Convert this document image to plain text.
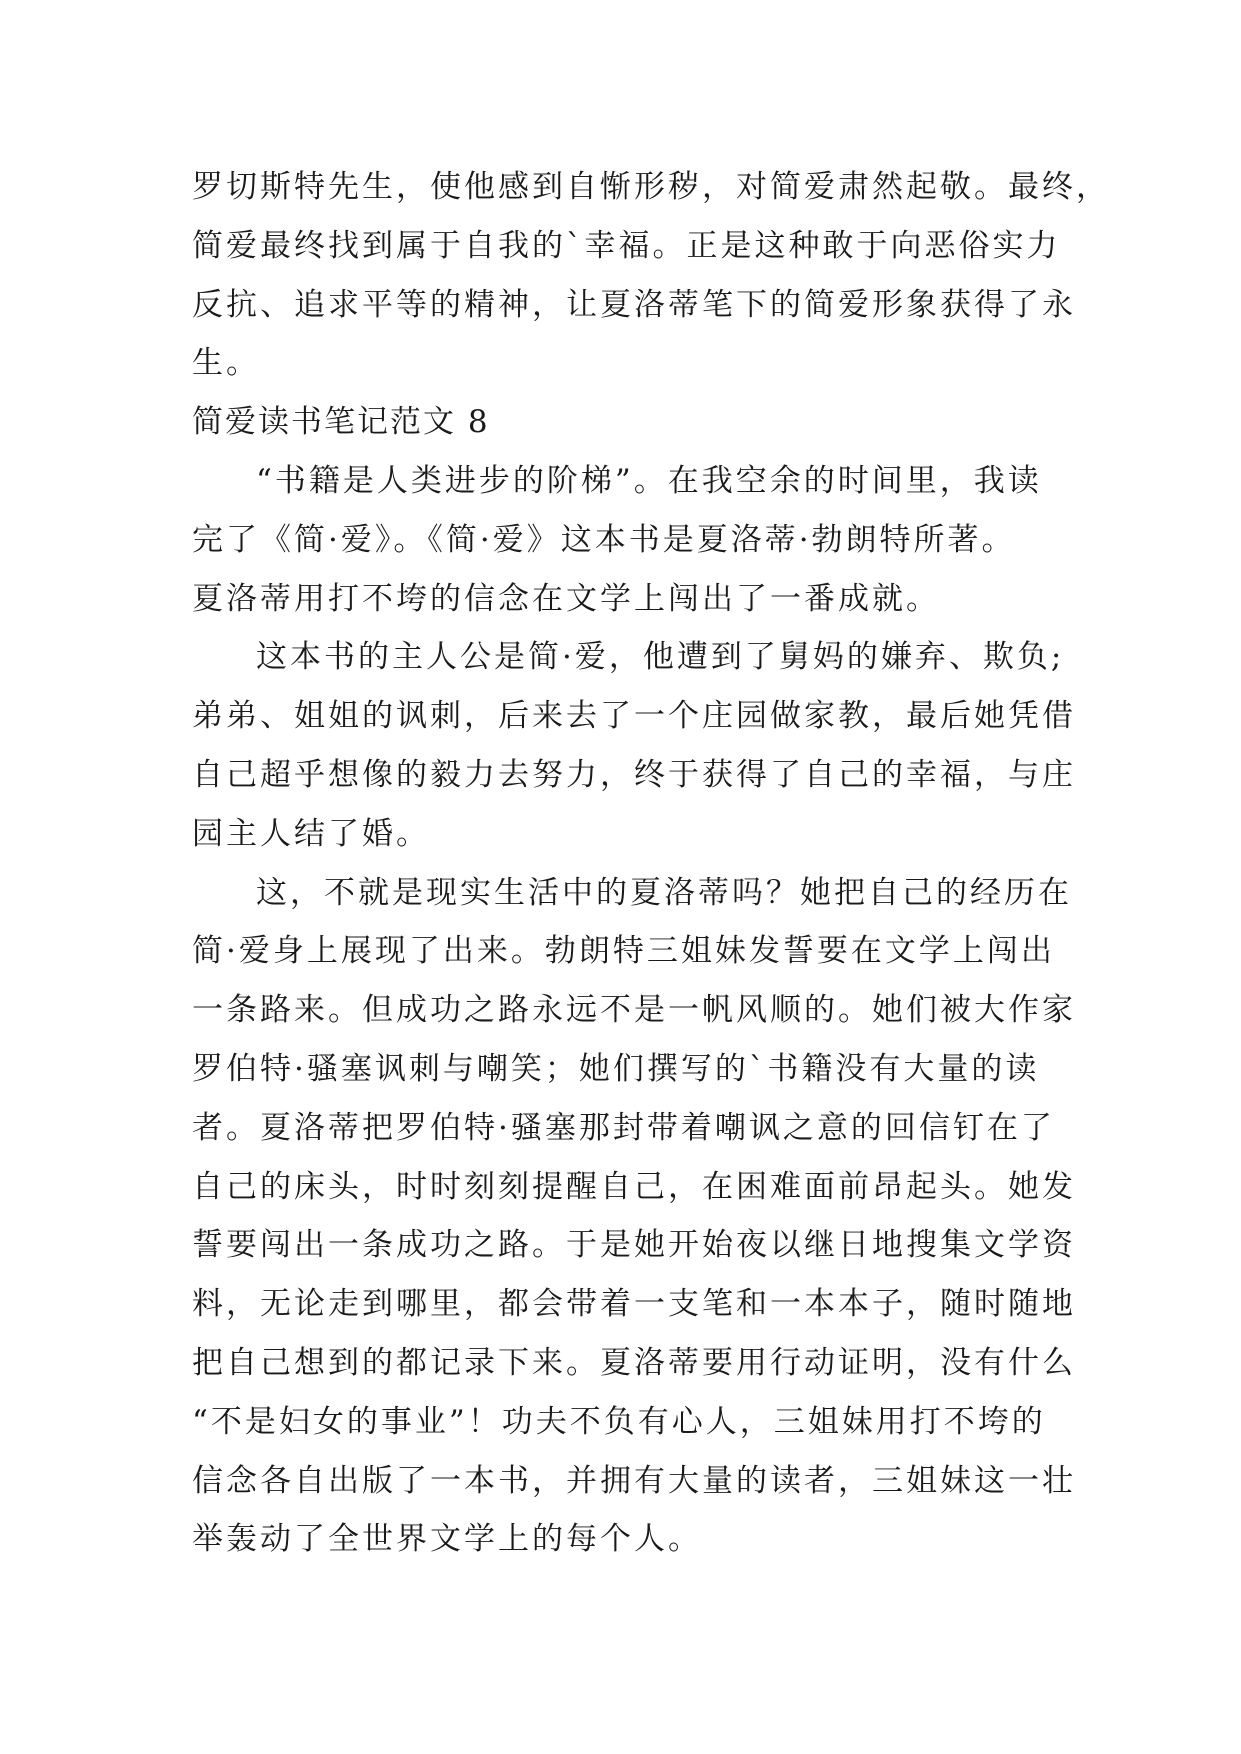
罗切斯特先生，使他感到自惭形秽，对简爱肃然起敬。最终，
简爱最终找到属于自我的`幸福。正是这种敢于向恶俗实力
反抗、追求平等的精神，让夏洛蒂笔下的简爱形象获得了永
生。
简爱读书笔记范文 8
“书籍是人类进步的阶梯”。在我空余的时间里，我读
完了《简·爱》。《简·爱》这本书是夏洛蒂·勃朗特所著。
夏洛蒂用打不垮的信念在文学上闯出了一番成就。
这本书的主人公是简·爱，他遭到了舅妈的嫌弃、欺负;
弟弟、姐姐的讽刺，后来去了一个庄园做家教，最后她凭借
自己超乎想像的毅力去努力，终于获得了自己的幸福，与庄
园主人结了婚。
这，不就是现实生活中的夏洛蒂吗？她把自己的经历在
简·爱身上展现了出来。勃朗特三姐妹发誓要在文学上闯出
一条路来。但成功之路永远不是一帆风顺的。她们被大作家
罗伯特·骚塞讽刺与嘲笑；她们撰写的`书籍没有大量的读
者。夏洛蒂把罗伯特·骚塞那封带着嘲讽之意的回信钉在了
自己的床头，时时刻刻提醒自己，在困难面前昂起头。她发
誓要闯出一条成功之路。于是她开始夜以继日地搜集文学资
料，无论走到哪里，都会带着一支笔和一本本子，随时随地
把自己想到的都记录下来。夏洛蒂要用行动证明，没有什么
“不是妇女的事业”！功夫不负有心人，三姐妹用打不垮的
信念各自出版了一本书，并拥有大量的读者，三姐妹这一壮
举轰动了全世界文学上的每个人。
